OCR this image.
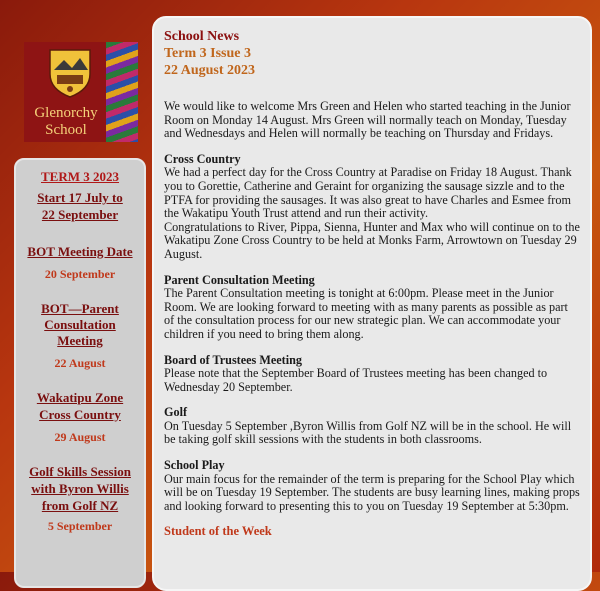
Glenorchy
School
TERM 3 2023
Start 17 July to 22 September
BOT Meeting Date
20 September
BOT—Parent Consultation Meeting
22 August
Wakatipu Zone Cross Country
29 August
Golf Skills Session with Byron Willis from Golf NZ
5 September
School News
Term 3 Issue 3
22 August 2023

We would like to welcome Mrs Green and Helen who started teaching in the Junior Room on Monday 14 August. Mrs Green will normally teach on Monday, Tuesday and Wednesdays and Helen will normally be teaching on Thursday and Fridays.

Cross Country

We had a perfect day for the Cross Country at Paradise on Friday 18 August. Thank you to Gorettie, Catherine and Geraint for organizing the sausage sizzle and to the PTFA for providing the sausages. It was also great to have Charles and Esmee from the Wakatipu Youth Trust attend and run their activity.

Congratulations to River, Pippa, Sienna, Hunter and Max who will continue on to the Wakatipu Zone Cross Country to be held at Monks Farm, Arrowtown on Tuesday 29 August.

Parent Consultation Meeting

The Parent Consultation meeting is tonight at 6:00pm. Please meet in the Junior Room. We are looking forward to meeting with as many parents as possible as part of the consultation process for our new strategic plan. We can accommodate your children if you need to bring them along.

Board of Trustees Meeting

Please note that the September Board of Trustees meeting has been changed to Wednesday 20 September.

Golf

On Tuesday 5 September ,Byron Willis from Golf NZ will be in the school. He will be taking golf skill sessions with the students in both classrooms.

School Play

Our main focus for the remainder of the term is preparing for the School Play which will be on Tuesday 19 September. The students are busy learning lines, making props and looking forward to presenting this to you on Tuesday 19 September at 5:30pm.

Student of the Week
